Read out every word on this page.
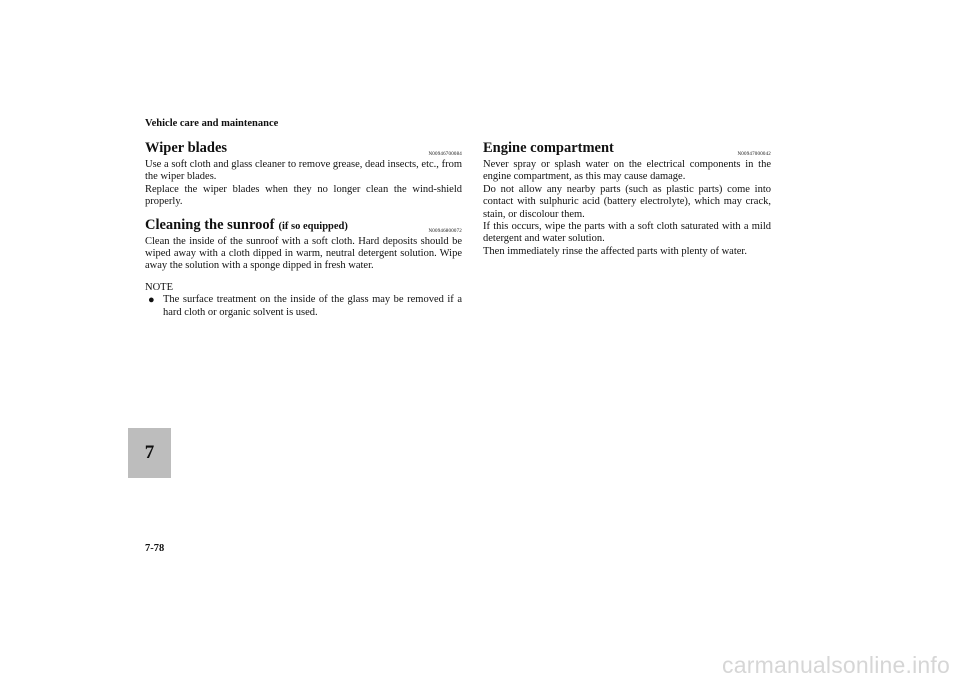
Vehicle care and maintenance
7
7-78
Wiper blades	N00946700084

Use a soft cloth and glass cleaner to remove grease, dead insects, etc., from the wiper blades.

Replace the wiper blades when they no longer clean the wind-shield properly.

Cleaning the sunroof (if so equipped)	N00946800072

Clean the inside of the sunroof with a soft cloth. Hard deposits should be wiped away with a cloth dipped in warm, neutral detergent solution. Wipe away the solution with a sponge dipped in fresh water.

NOTE
● The surface treatment on the inside of the glass may be removed if a hard cloth or organic solvent is used.
Engine compartment	N00947000042

Never spray or splash water on the electrical components in the engine compartment, as this may cause damage.

Do not allow any nearby parts (such as plastic parts) come into contact with sulphuric acid (battery electrolyte), which may crack, stain, or discolour them.

If this occurs, wipe the parts with a soft cloth saturated with a mild detergent and water solution.

Then immediately rinse the affected parts with plenty of water.

carmanualsonline.info
